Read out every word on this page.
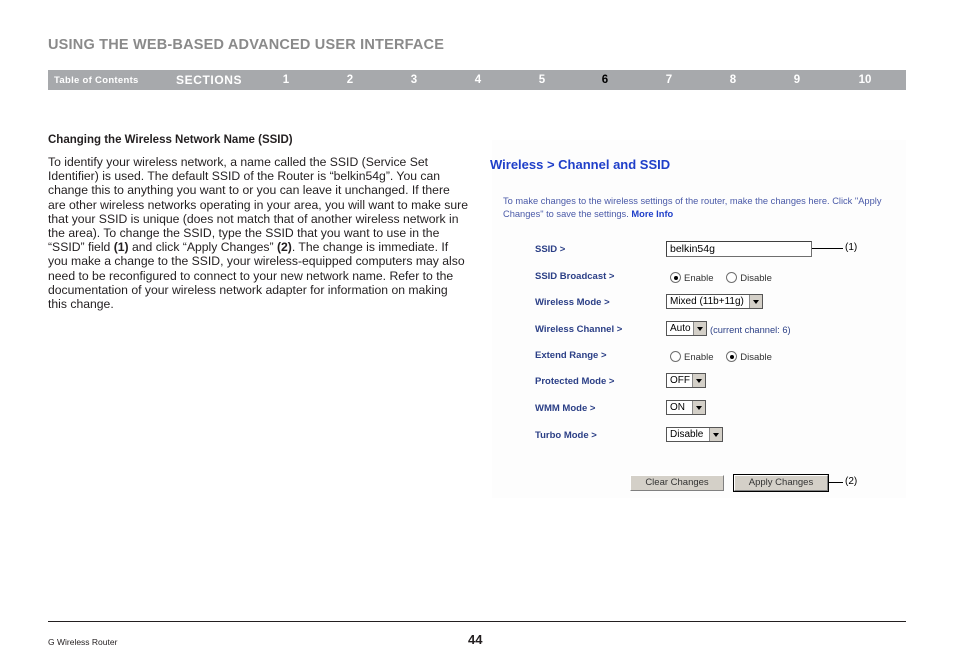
USING THE WEB-BASED ADVANCED USER INTERFACE
Table of Contents	SECTIONS	1	2	3	4	5	6	7	8	9	10
Changing the Wireless Network Name (SSID)

To identify your wireless network, a name called the SSID (Service Set Identifier) is used. The default SSID of the Router is “belkin54g”. You can change this to anything you want to or you can leave it unchanged. If there are other wireless networks operating in your area, you will want to make sure that your SSID is unique (does not match that of another wireless network in the area). To change the SSID, type the SSID that you want to use in the “SSID” field (1) and click “Apply Changes” (2). The change is immediate. If you make a change to the SSID, your wireless-equipped computers may also need to be reconfigured to connect to your new network name. Refer to the documentation of your wireless network adapter for information on making this change.

Wireless > Channel and SSID

To make changes to the wireless settings of the router, make the changes here. Click "Apply Changes" to save the settings. More Info

SSID >
belkin54g	(1)
SSID Broadcast >	Enable	Disable
Wireless Mode >	Mixed (11b+11g)
Wireless Channel >	Auto (current channel: 6)
Extend Range >	Enable	Disable
Protected Mode >	OFF
WMM Mode >	ON
Turbo Mode >	Disable
Clear Changes	Apply Changes	(2)
G Wireless Router	44
